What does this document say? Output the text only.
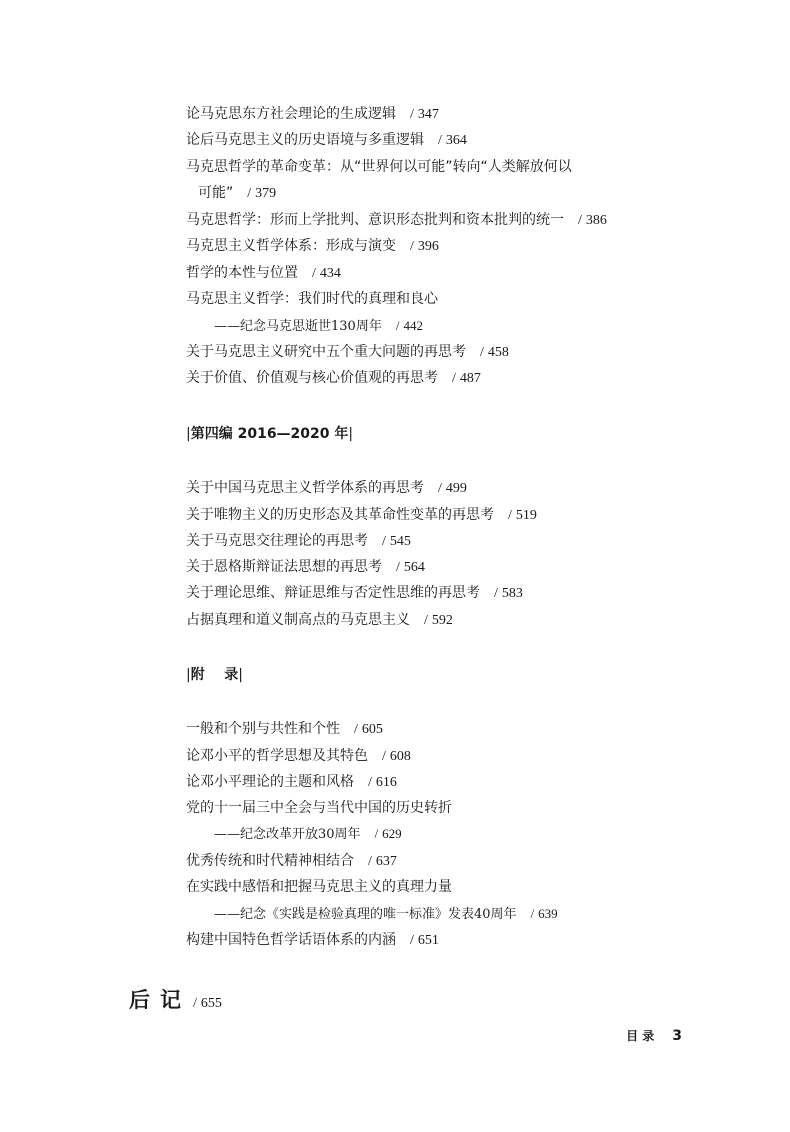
论马克思东方社会理论的生成逻辑 / 347
论后马克思主义的历史语境与多重逻辑 / 364
马克思哲学的革命变革：从“世界何以可能”转向“人类解放何以
可能” / 379
马克思哲学：形而上学批判、意识形态批判和资本批判的统一 / 386
马克思主义哲学体系：形成与演变 / 396
哲学的本性与位置 / 434
马克思主义哲学：我们时代的真理和良心
——纪念马克思逝世130周年 / 442
关于马克思主义研究中五个重大问题的再思考 / 458
关于价值、价值观与核心价值观的再思考 / 487
|第四编 2016—2020 年|
关于中国马克思主义哲学体系的再思考 / 499
关于唯物主义的历史形态及其革命性变革的再思考 / 519
关于马克思交往理论的再思考 / 545
关于恩格斯辩证法思想的再思考 / 564
关于理论思维、辩证思维与否定性思维的再思考 / 583
占据真理和道义制高点的马克思主义 / 592
|附    录|
一般和个别与共性和个性 / 605
论邓小平的哲学思想及其特色 / 608
论邓小平理论的主题和风格 / 616
党的十一届三中全会与当代中国的历史转折
——纪念改革开放30周年 / 629
优秀传统和时代精神相结合 / 637
在实践中感悟和把握马克思主义的真理力量
——纪念《实践是检验真理的唯一标准》发表40周年 / 639
构建中国特色哲学话语体系的内涵 / 651
后记 / 655
目 录 3
